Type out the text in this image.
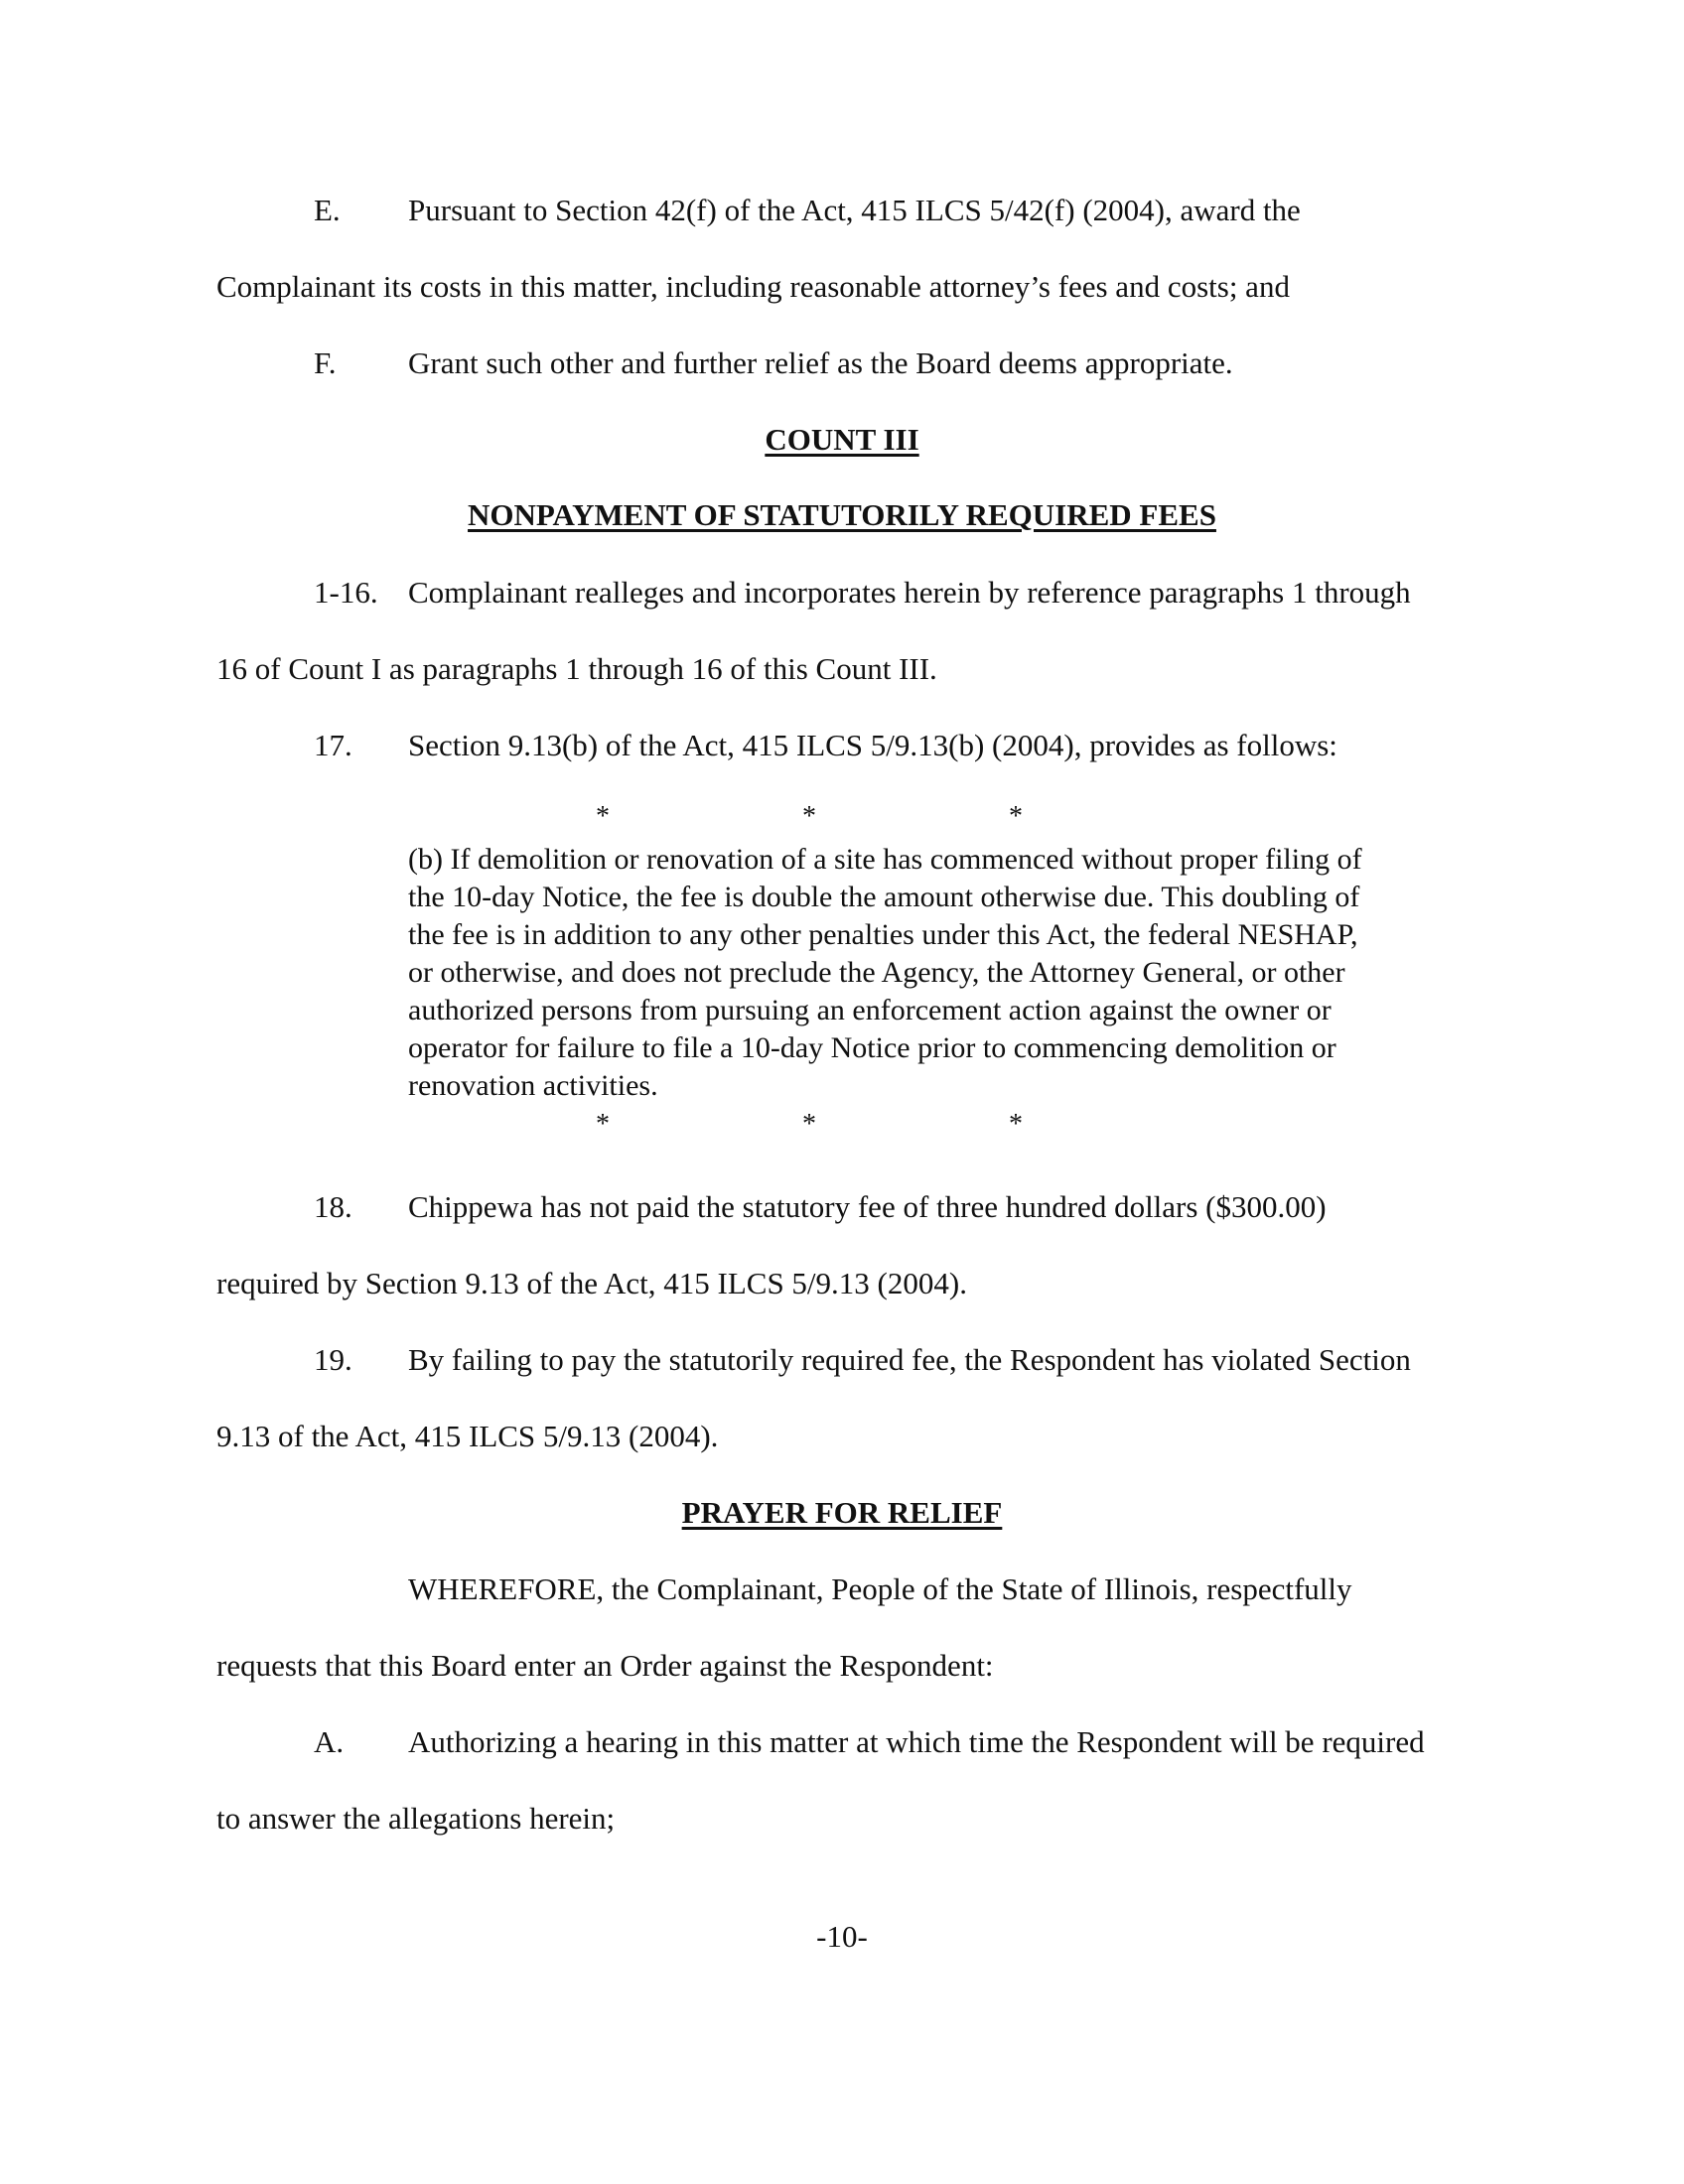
E. Pursuant to Section 42(f) of the Act, 415 ILCS 5/42(f) (2004), award the

Complainant its costs in this matter, including reasonable attorney’s fees and costs; and

F. Grant such other and further relief as the Board deems appropriate.

COUNT III

NONPAYMENT OF STATUTORILY REQUIRED FEES

1-16. Complainant realleges and incorporates herein by reference paragraphs 1 through

16 of Count I as paragraphs 1 through 16 of this Count III.

17. Section 9.13(b) of the Act, 415 ILCS 5/9.13(b) (2004), provides as follows:

*	*	*

(b) If demolition or renovation of a site has commenced without proper filing of

the 10-day Notice, the fee is double the amount otherwise due. This doubling of

the fee is in addition to any other penalties under this Act, the federal NESHAP,

or otherwise, and does not preclude the Agency, the Attorney General, or other

authorized persons from pursuing an enforcement action against the owner or

operator for failure to file a 10-day Notice prior to commencing demolition or

renovation activities.

*	*	*
18. Chippewa has not paid the statutory fee of three hundred dollars ($300.00)

required by Section 9.13 of the Act, 415 ILCS 5/9.13 (2004).

19. By failing to pay the statutorily required fee, the Respondent has violated Section

9.13 of the Act, 415 ILCS 5/9.13 (2004).

PRAYER FOR RELIEF

WHEREFORE, the Complainant, People of the State of Illinois, respectfully

requests that this Board enter an Order against the Respondent:

A. Authorizing a hearing in this matter at which time the Respondent will be required

to answer the allegations herein;

-10-
